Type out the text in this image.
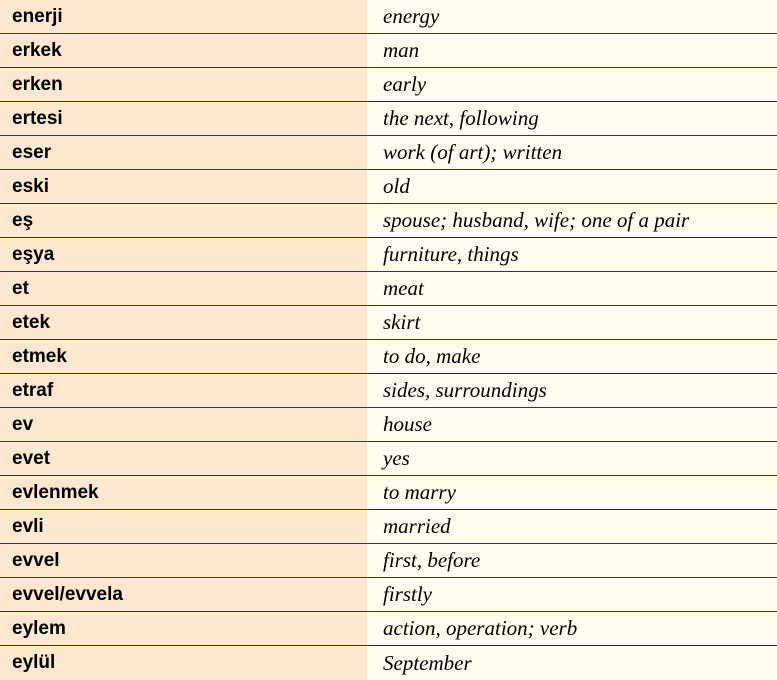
enerji	energy
erkek	man
erken	early
ertesi	the next, following
eser	work (of art); written
eski	old
eş	spouse; husband, wife; one of a pair
eşya	furniture, things
et	meat
etek	skirt
etmek	to do, make
etraf	sides, surroundings
ev	house
evet	yes
evlenmek	to marry
evli	married
evvel	first, before
evvel/evvela	firstly
eylem	action, operation; verb
eylül	September
